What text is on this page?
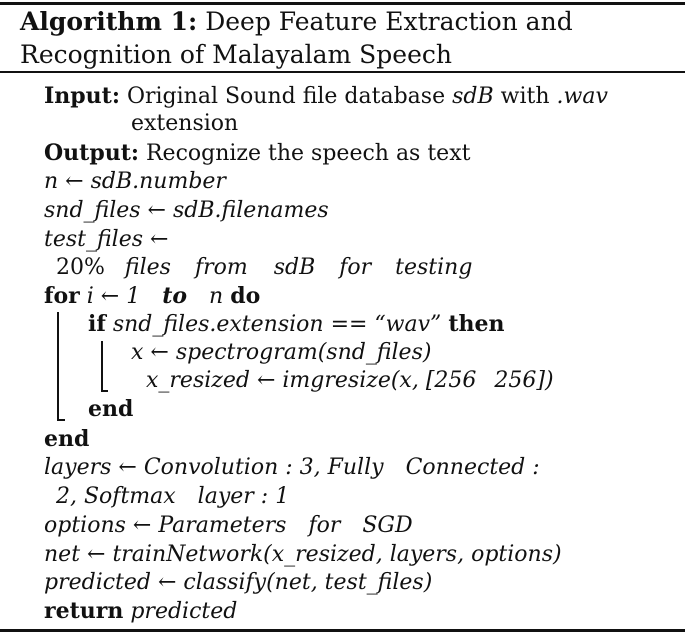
Algorithm 1: Deep Feature Extraction and
Recognition of Malayalam Speech
Input: Original Sound file database sdB with .wav
extension
Output: Recognize the speech as text
n ← sdB.number
snd_files ← sdB.filenames
test_files ←
20% files from sdB for testing
for i ← 1 to n do
if snd_files.extension == “wav” then
x ← spectrogram(snd_files)
x_resized ← imgresize(x, [256 256])
end
end
layers ← Convolution : 3, Fully Connected :
2, Softmax layer : 1
options ← Parameters for SGD
net ← trainNetwork(x_resized, layers, options)
predicted ← classify(net, test_files)
return predicted
